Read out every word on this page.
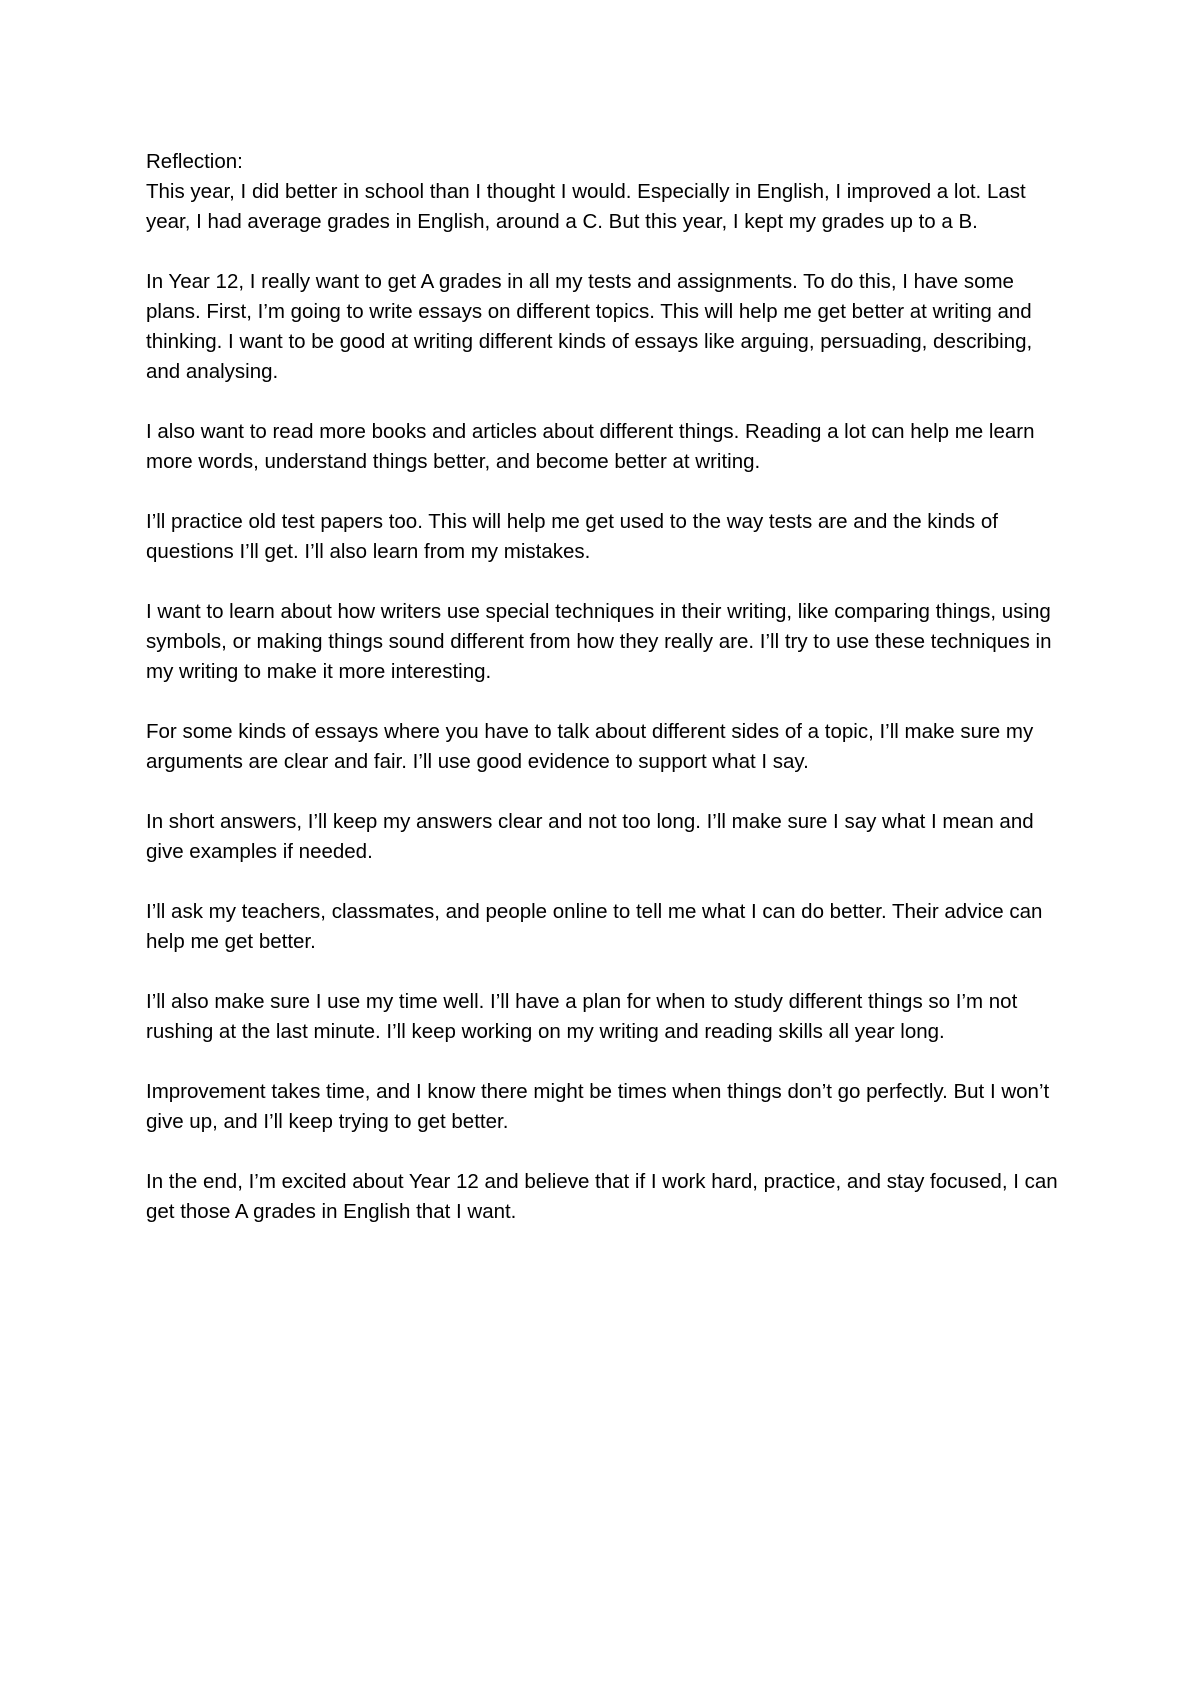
Reflection:

This year, I did better in school than I thought I would. Especially in English, I improved a lot. Last year, I had average grades in English, around a C. But this year, I kept my grades up to a B.

In Year 12, I really want to get A grades in all my tests and assignments. To do this, I have some plans. First, I’m going to write essays on different topics. This will help me get better at writing and thinking. I want to be good at writing different kinds of essays like arguing, persuading, describing, and analysing.

I also want to read more books and articles about different things. Reading a lot can help me learn more words, understand things better, and become better at writing.

I’ll practice old test papers too. This will help me get used to the way tests are and the kinds of questions I’ll get. I’ll also learn from my mistakes.

I want to learn about how writers use special techniques in their writing, like comparing things, using symbols, or making things sound different from how they really are. I’ll try to use these techniques in my writing to make it more interesting.

For some kinds of essays where you have to talk about different sides of a topic, I’ll make sure my arguments are clear and fair. I’ll use good evidence to support what I say.

In short answers, I’ll keep my answers clear and not too long. I’ll make sure I say what I mean and give examples if needed.

I’ll ask my teachers, classmates, and people online to tell me what I can do better. Their advice can help me get better.

I’ll also make sure I use my time well. I’ll have a plan for when to study different things so I’m not rushing at the last minute. I’ll keep working on my writing and reading skills all year long.

Improvement takes time, and I know there might be times when things don’t go perfectly. But I won’t give up, and I’ll keep trying to get better.

In the end, I’m excited about Year 12 and believe that if I work hard, practice, and stay focused, I can get those A grades in English that I want.
